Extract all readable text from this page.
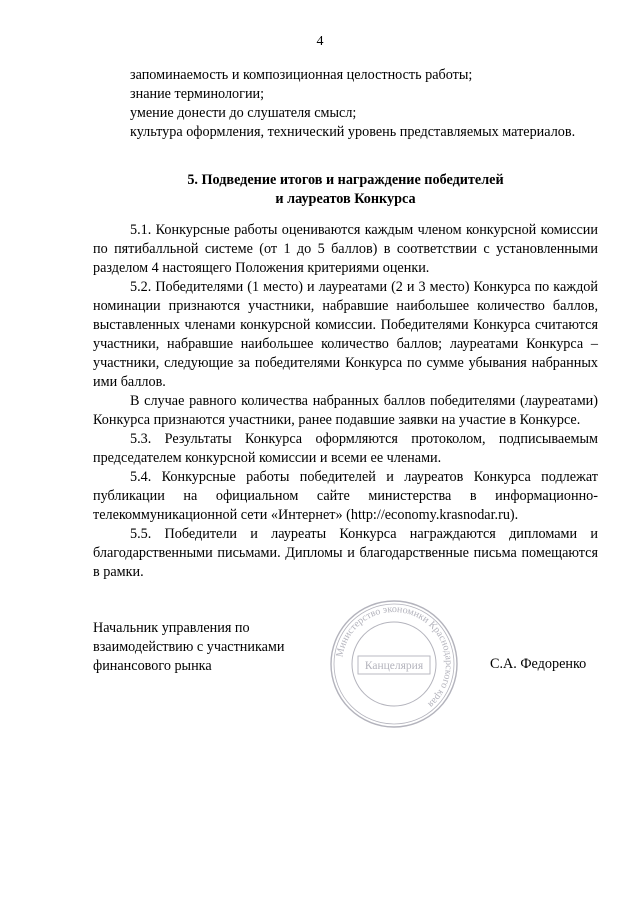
4

запоминаемость и композиционная целостность работы;

знание терминологии;

умение донести до слушателя смысл;

культура оформления, технический уровень представляемых материалов.

5. Подведение итогов и награждение победителей
и лауреатов Конкурса

5.1. Конкурсные работы оцениваются каждым членом конкурсной комиссии по пятибалльной системе (от 1 до 5 баллов) в соответствии с установленными разделом 4 настоящего Положения критериями оценки.

5.2. Победителями (1 место) и лауреатами (2 и 3 место) Конкурса по каждой номинации признаются участники, набравшие наибольшее количество баллов, выставленных членами конкурсной комиссии. Победителями Конкурса считаются участники, набравшие наибольшее количество баллов; лауреатами Конкурса – участники, следующие за победителями Конкурса по сумме убывания набранных ими баллов.

В случае равного количества набранных баллов победителями (лауреатами) Конкурса признаются участники, ранее подавшие заявки на участие в Конкурсе.

5.3. Результаты Конкурса оформляются протоколом, подписываемым председателем конкурсной комиссии и всеми ее членами.

5.4. Конкурсные работы победителей и лауреатов Конкурса подлежат публикации на официальном сайте министерства в информационно-телекоммуникационной сети «Интернет» (http://economy.krasnodar.ru).

5.5. Победители и лауреаты Конкурса награждаются дипломами и благодарственными письмами. Дипломы и благодарственные письма помещаются в рамки.

Начальник управления по
взаимодействию с участниками
финансового рынка	С.А. Федоренко
Министерство экономики Краснодарского края
Канцелярия
